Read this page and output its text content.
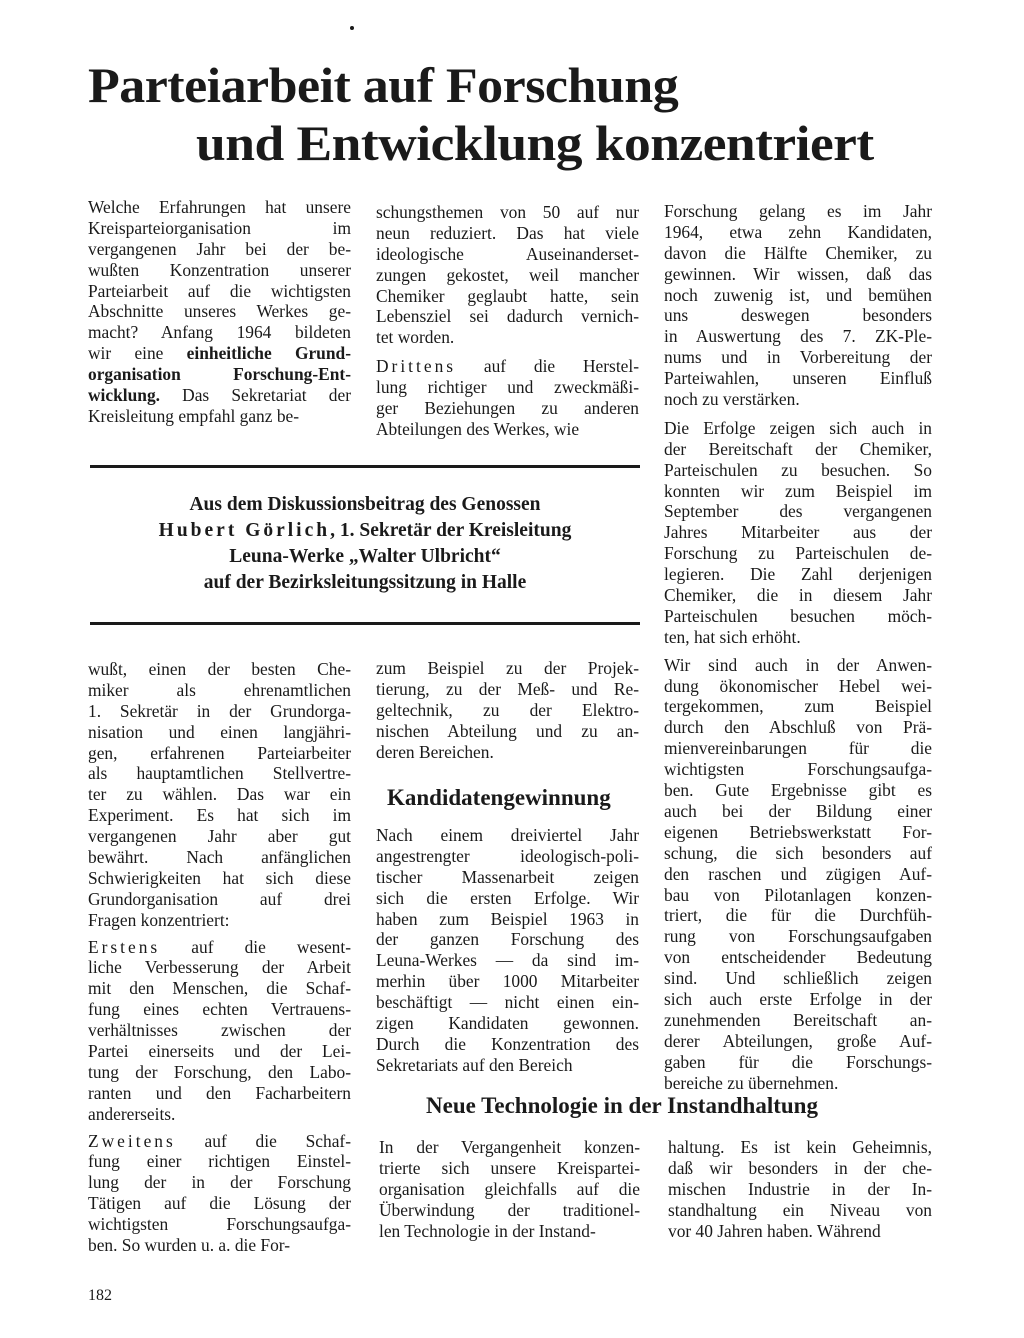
Parteiarbeit auf Forschung
und Entwicklung konzentriert
Welche Erfahrungen hat unsere
Kreisparteiorganisation im
vergangenen Jahr bei der be-
wußten Konzentration unserer
Parteiarbeit auf die wichtigsten
Abschnitte unseres Werkes ge-
macht? Anfang 1964 bildeten
wir eine einheitliche Grund-
organisation Forschung-Ent-
wicklung. Das Sekretariat der
Kreisleitung empfahl ganz be-
schungsthemen von 50 auf nur
neun reduziert. Das hat viele
ideologische Auseinanderset-
zungen gekostet, weil mancher
Chemiker geglaubt hatte, sein
Lebensziel sei dadurch vernich-
tet worden.
Drittens auf die Herstel-
lung richtiger und zweckmäßi-
ger Beziehungen zu anderen
Abteilungen des Werkes, wie
Forschung gelang es im Jahr
1964, etwa zehn Kandidaten,
davon die Hälfte Chemiker, zu
gewinnen. Wir wissen, daß das
noch zuwenig ist, und bemühen
uns deswegen besonders
in Auswertung des 7. ZK-Ple-
nums und in Vorbereitung der
Parteiwahlen, unseren Einfluß
noch zu verstärken.
Die Erfolge zeigen sich auch in
der Bereitschaft der Chemiker,
Parteischulen zu besuchen. So
konnten wir zum Beispiel im
September des vergangenen
Jahres Mitarbeiter aus der
Forschung zu Parteischulen de-
legieren. Die Zahl derjenigen
Chemiker, die in diesem Jahr
Parteischulen besuchen möch-
ten, hat sich erhöht.
Wir sind auch in der Anwen-
dung ökonomischer Hebel wei-
tergekommen, zum Beispiel
durch den Abschluß von Prä-
mienvereinbarungen für die
wichtigsten Forschungsaufga-
ben. Gute Ergebnisse gibt es
auch bei der Bildung einer
eigenen Betriebswerkstatt For-
schung, die sich besonders auf
den raschen und zügigen Auf-
bau von Pilotanlagen konzen-
triert, die für die Durchfüh-
rung von Forschungsaufgaben
von entscheidender Bedeutung
sind. Und schließlich zeigen
sich auch erste Erfolge in der
zunehmenden Bereitschaft an-
derer Abteilungen, große Auf-
gaben für die Forschungs-
bereiche zu übernehmen.
Aus dem Diskussionsbeitrag des Genossen
Hubert Görlich, 1. Sekretär der Kreisleitung
Leuna-Werke „Walter Ulbricht“
auf der Bezirksleitungssitzung in Halle
wußt, einen der besten Che-
miker als ehrenamtlichen
1. Sekretär in der Grundorga-
nisation und einen langjähri-
gen, erfahrenen Parteiarbeiter
als hauptamtlichen Stellvertre-
ter zu wählen. Das war ein
Experiment. Es hat sich im
vergangenen Jahr aber gut
bewährt. Nach anfänglichen
Schwierigkeiten hat sich diese
Grundorganisation auf drei
Fragen konzentriert:
Erstens auf die wesent-
liche Verbesserung der Arbeit
mit den Menschen, die Schaf-
fung eines echten Vertrauens-
verhältnisses zwischen der
Partei einerseits und der Lei-
tung der Forschung, den Labo-
ranten und den Facharbeitern
andererseits.
Zweitens auf die Schaf-
fung einer richtigen Einstel-
lung der in der Forschung
Tätigen auf die Lösung der
wichtigsten Forschungsaufga-
ben. So wurden u. a. die For-
zum Beispiel zu der Projek-
tierung, zu der Meß- und Re-
geltechnik, zu der Elektro-
nischen Abteilung und zu an-
deren Bereichen.
Kandidatengewinnung
Nach einem dreiviertel Jahr
angestrengter ideologisch-poli-
tischer Massenarbeit zeigen
sich die ersten Erfolge. Wir
haben zum Beispiel 1963 in
der ganzen Forschung des
Leuna-Werkes — da sind im-
merhin über 1000 Mitarbeiter
beschäftigt — nicht einen ein-
zigen Kandidaten gewonnen.
Durch die Konzentration des
Sekretariats auf den Bereich
Neue Technologie in der Instandhaltung
In der Vergangenheit konzen-
trierte sich unsere Kreispartei-
organisation gleichfalls auf die
Überwindung der traditionel-
len Technologie in der Instand-
haltung. Es ist kein Geheimnis,
daß wir besonders in der che-
mischen Industrie in der In-
standhaltung ein Niveau von
vor 40 Jahren haben. Während
182
